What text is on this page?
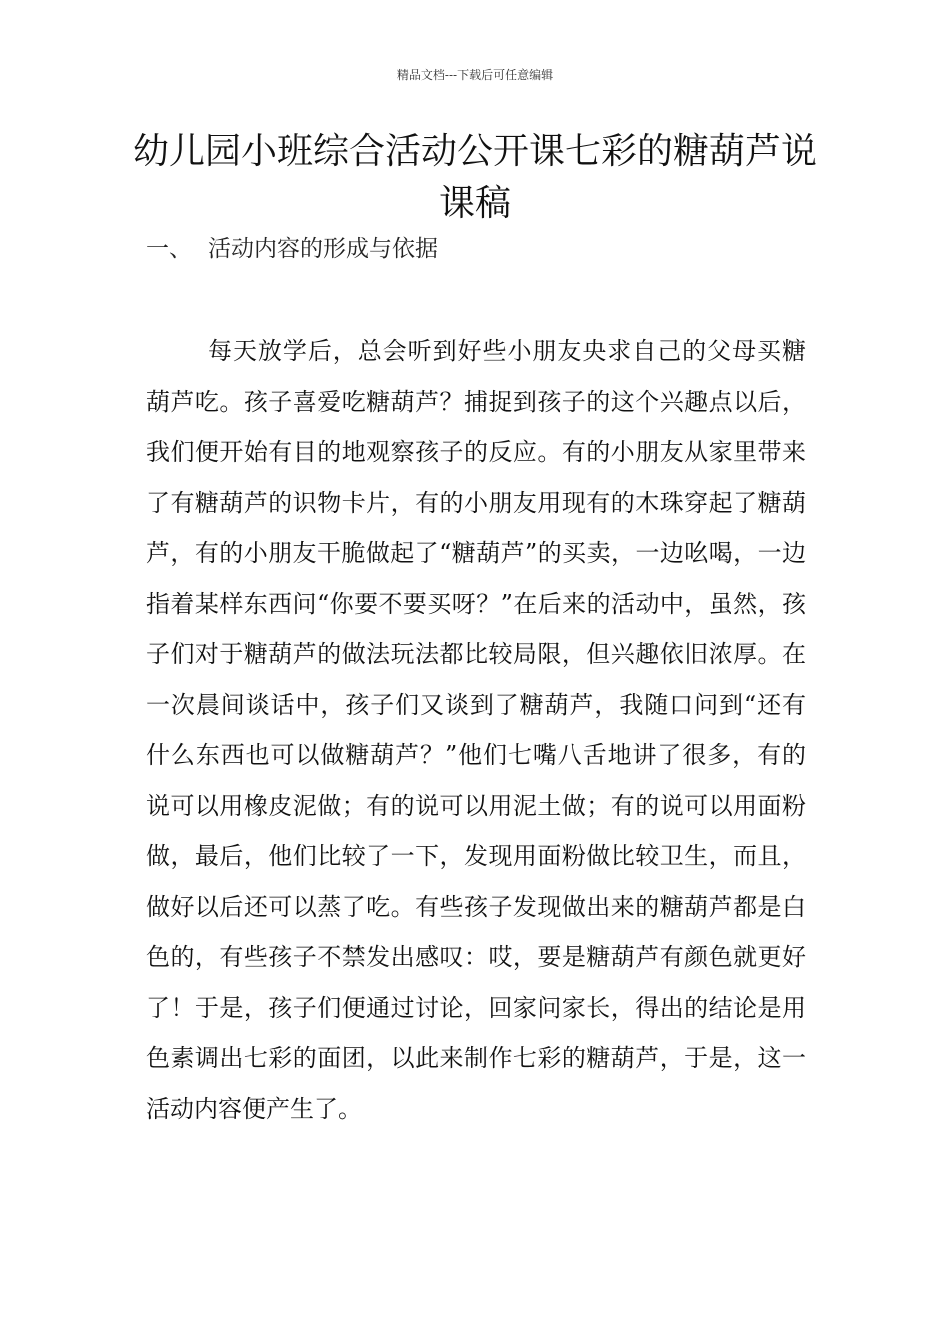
精品文档---下载后可任意编辑
幼儿园小班综合活动公开课七彩的糖葫芦说课稿
一、 活动内容的形成与依据

每天放学后，总会听到好些小朋友央求自己的父母买糖葫芦吃。孩子喜爱吃糖葫芦？捕捉到孩子的这个兴趣点以后，我们便开始有目的地观察孩子的反应。有的小朋友从家里带来了有糖葫芦的识物卡片，有的小朋友用现有的木珠穿起了糖葫芦，有的小朋友干脆做起了“糖葫芦”的买卖，一边吆喝，一边指着某样东西问“你要不要买呀？”在后来的活动中，虽然，孩子们对于糖葫芦的做法玩法都比较局限，但兴趣依旧浓厚。在一次晨间谈话中，孩子们又谈到了糖葫芦，我随口问到“还有什么东西也可以做糖葫芦？”他们七嘴八舌地讲了很多，有的说可以用橡皮泥做；有的说可以用泥土做；有的说可以用面粉做，最后，他们比较了一下，发现用面粉做比较卫生，而且，做好以后还可以蒸了吃。有些孩子发现做出来的糖葫芦都是白色的，有些孩子不禁发出感叹：哎，要是糖葫芦有颜色就更好了！于是，孩子们便通过讨论，回家问家长，得出的结论是用色素调出七彩的面团，以此来制作七彩的糖葫芦，于是，这一活动内容便产生了。
